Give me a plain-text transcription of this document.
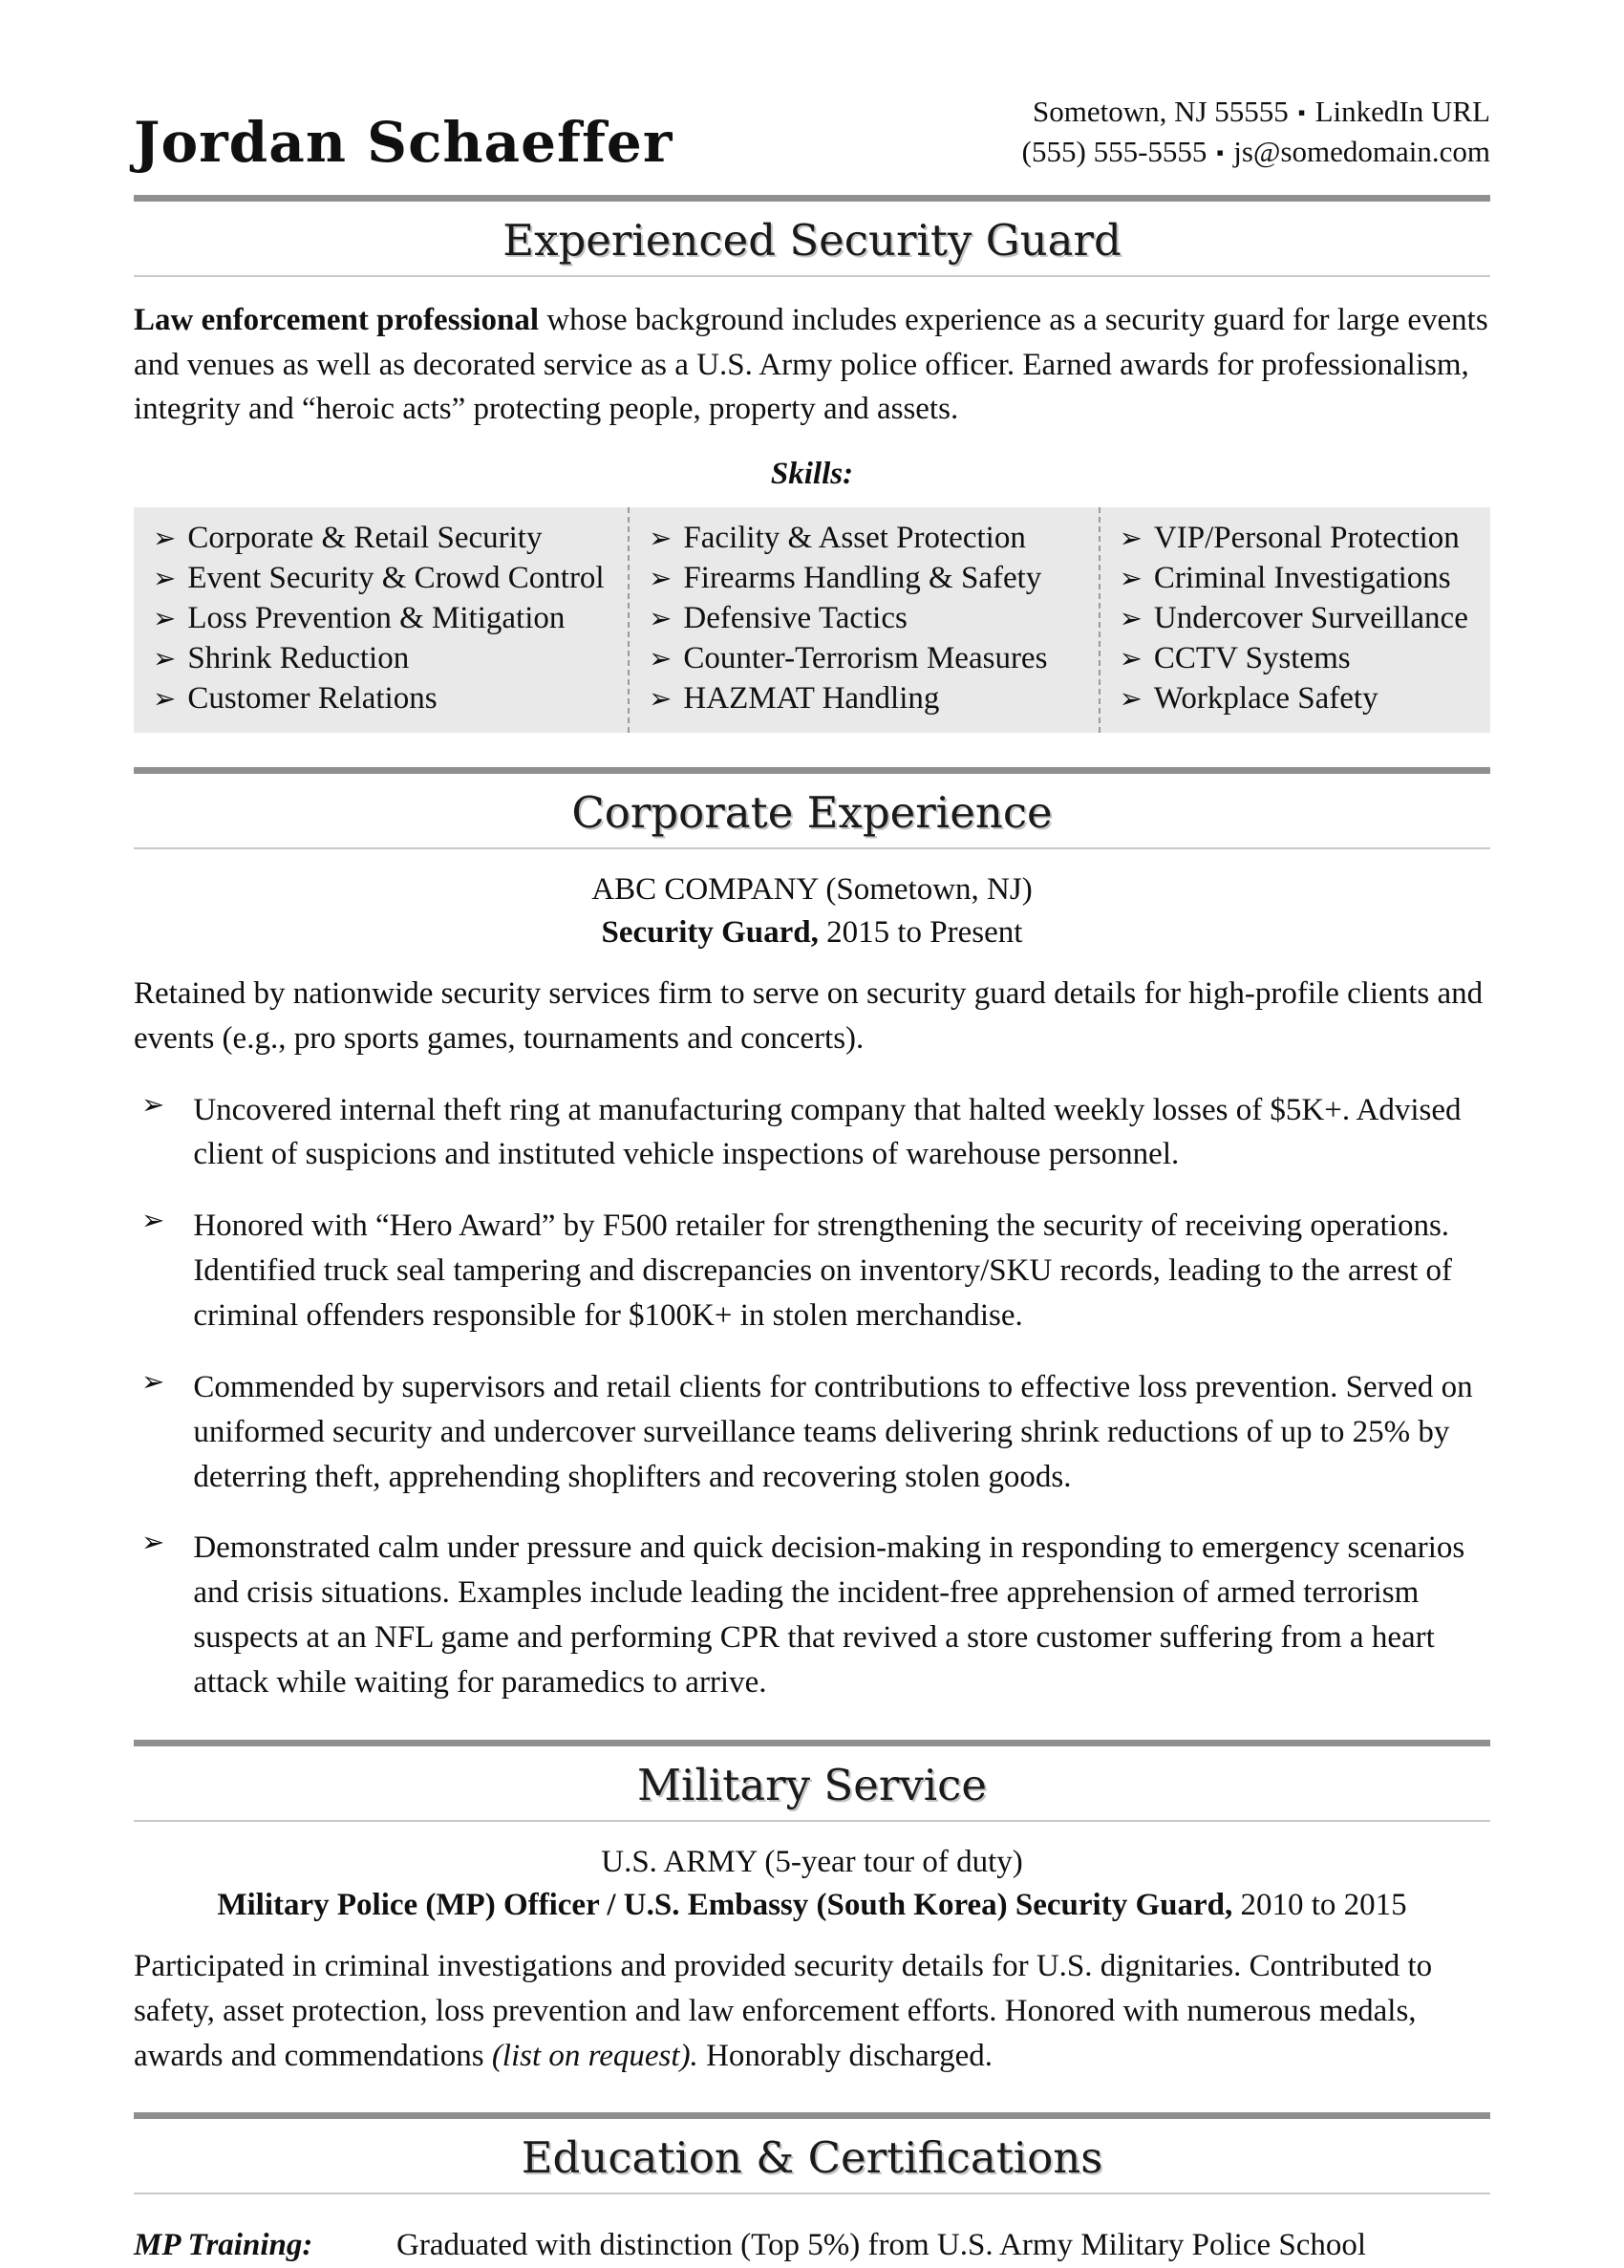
Jordan Schaeffer	Sometown, NJ 55555 ▪ LinkedIn URL
(555) 555-5555 ▪ js@somedomain.com
Experienced Security Guard

Law enforcement professional whose background includes experience as a security guard for large events and venues as well as decorated service as a U.S. Army police officer. Earned awards for professionalism, integrity and “heroic acts” protecting people, property and assets.

Skills:
➢ Corporate & Retail Security
➢ Event Security & Crowd Control
➢ Loss Prevention & Mitigation
➢ Shrink Reduction
➢ Customer Relations
➢ Facility & Asset Protection
➢ Firearms Handling & Safety
➢ Defensive Tactics
➢ Counter-Terrorism Measures
➢ HAZMAT Handling
➢ VIP/Personal Protection
➢ Criminal Investigations
➢ Undercover Surveillance
➢ CCTV Systems
➢ Workplace Safety
Corporate Experience
ABC COMPANY (Sometown, NJ)
Security Guard, 2015 to Present

Retained by nationwide security services firm to serve on security guard details for high-profile clients and events (e.g., pro sports games, tournaments and concerts).

➢ Uncovered internal theft ring at manufacturing company that halted weekly losses of $5K+. Advised client of suspicions and instituted vehicle inspections of warehouse personnel.
➢ Honored with “Hero Award” by F500 retailer for strengthening the security of receiving operations. Identified truck seal tampering and discrepancies on inventory/SKU records, leading to the arrest of criminal offenders responsible for $100K+ in stolen merchandise.
➢ Commended by supervisors and retail clients for contributions to effective loss prevention. Served on uniformed security and undercover surveillance teams delivering shrink reductions of up to 25% by deterring theft, apprehending shoplifters and recovering stolen goods.
➢ Demonstrated calm under pressure and quick decision-making in responding to emergency scenarios and crisis situations. Examples include leading the incident-free apprehension of armed terrorism suspects at an NFL game and performing CPR that revived a store customer suffering from a heart attack while waiting for paramedics to arrive.
Military Service
U.S. ARMY (5-year tour of duty)
Military Police (MP) Officer / U.S. Embassy (South Korea) Security Guard, 2010 to 2015

Participated in criminal investigations and provided security details for U.S. dignitaries. Contributed to safety, asset protection, loss prevention and law enforcement efforts. Honored with numerous medals, awards and commendations (list on request). Honorably discharged.

Education & Certifications
MP Training:	Graduated with distinction (Top 5%) from U.S. Army Military Police School
